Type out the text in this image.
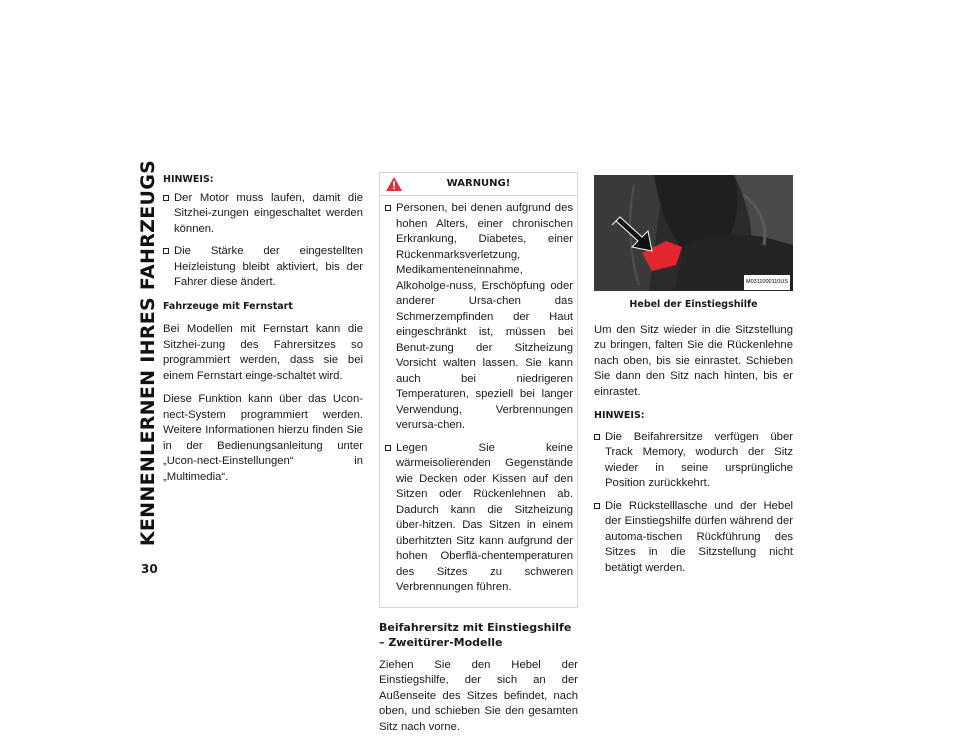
KENNENLERNEN IHRES FAHRZEUGS
30
HINWEIS:
Der Motor muss laufen, damit die Sitzhei-zungen eingeschaltet werden können.
Die Stärke der eingestellten Heizleistung bleibt aktiviert, bis der Fahrer diese ändert.
Fahrzeuge mit Fernstart

Bei Modellen mit Fernstart kann die Sitzhei-zung des Fahrersitzes so programmiert werden, dass sie bei einem Fernstart einge-schaltet wird.

Diese Funktion kann über das Ucon-nect-System programmiert werden. Weitere Informationen hierzu finden Sie in der Bedienungsanleitung unter „Ucon-nect-Einstellungen“ in „Multimedia“.

WARNUNG!
Personen, bei denen aufgrund des hohen Alters, einer chronischen Erkrankung, Diabetes, einer Rückenmarksverletzung, Medikamenteneinnahme, Alkoholge-nuss, Erschöpfung oder anderer Ursa-chen das Schmerzempfinden der Haut eingeschränkt ist, müssen bei Benut-zung der Sitzheizung Vorsicht walten lassen. Sie kann auch bei niedrigeren Temperaturen, speziell bei langer Verwendung, Verbrennungen verursa-chen.
Legen Sie keine wärmeisolierenden Gegenstände wie Decken oder Kissen auf den Sitzen oder Rückenlehnen ab. Dadurch kann die Sitzheizung über-hitzen. Das Sitzen in einem überhitzten Sitz kann aufgrund der hohen Oberflä-chentemperaturen des Sitzes zu schweren Verbrennungen führen.
Beifahrersitz mit Einstiegshilfe – Zweitürer-Modelle

Ziehen Sie den Hebel der Einstiegshilfe, der sich an der Außenseite des Sitzes befindet, nach oben, und schieben Sie den gesamten Sitz nach vorne.

M0311000110US
Hebel der Einstiegshilfe

Um den Sitz wieder in die Sitzstellung zu bringen, falten Sie die Rückenlehne nach oben, bis sie einrastet. Schieben Sie dann den Sitz nach hinten, bis er einrastet.

HINWEIS:
Die Beifahrersitze verfügen über Track Memory, wodurch der Sitz wieder in seine ursprüngliche Position zurückkehrt.
Die Rückstelllasche und der Hebel der Einstiegshilfe dürfen während der automa-tischen Rückführung des Sitzes in die Sitzstellung nicht betätigt werden.
